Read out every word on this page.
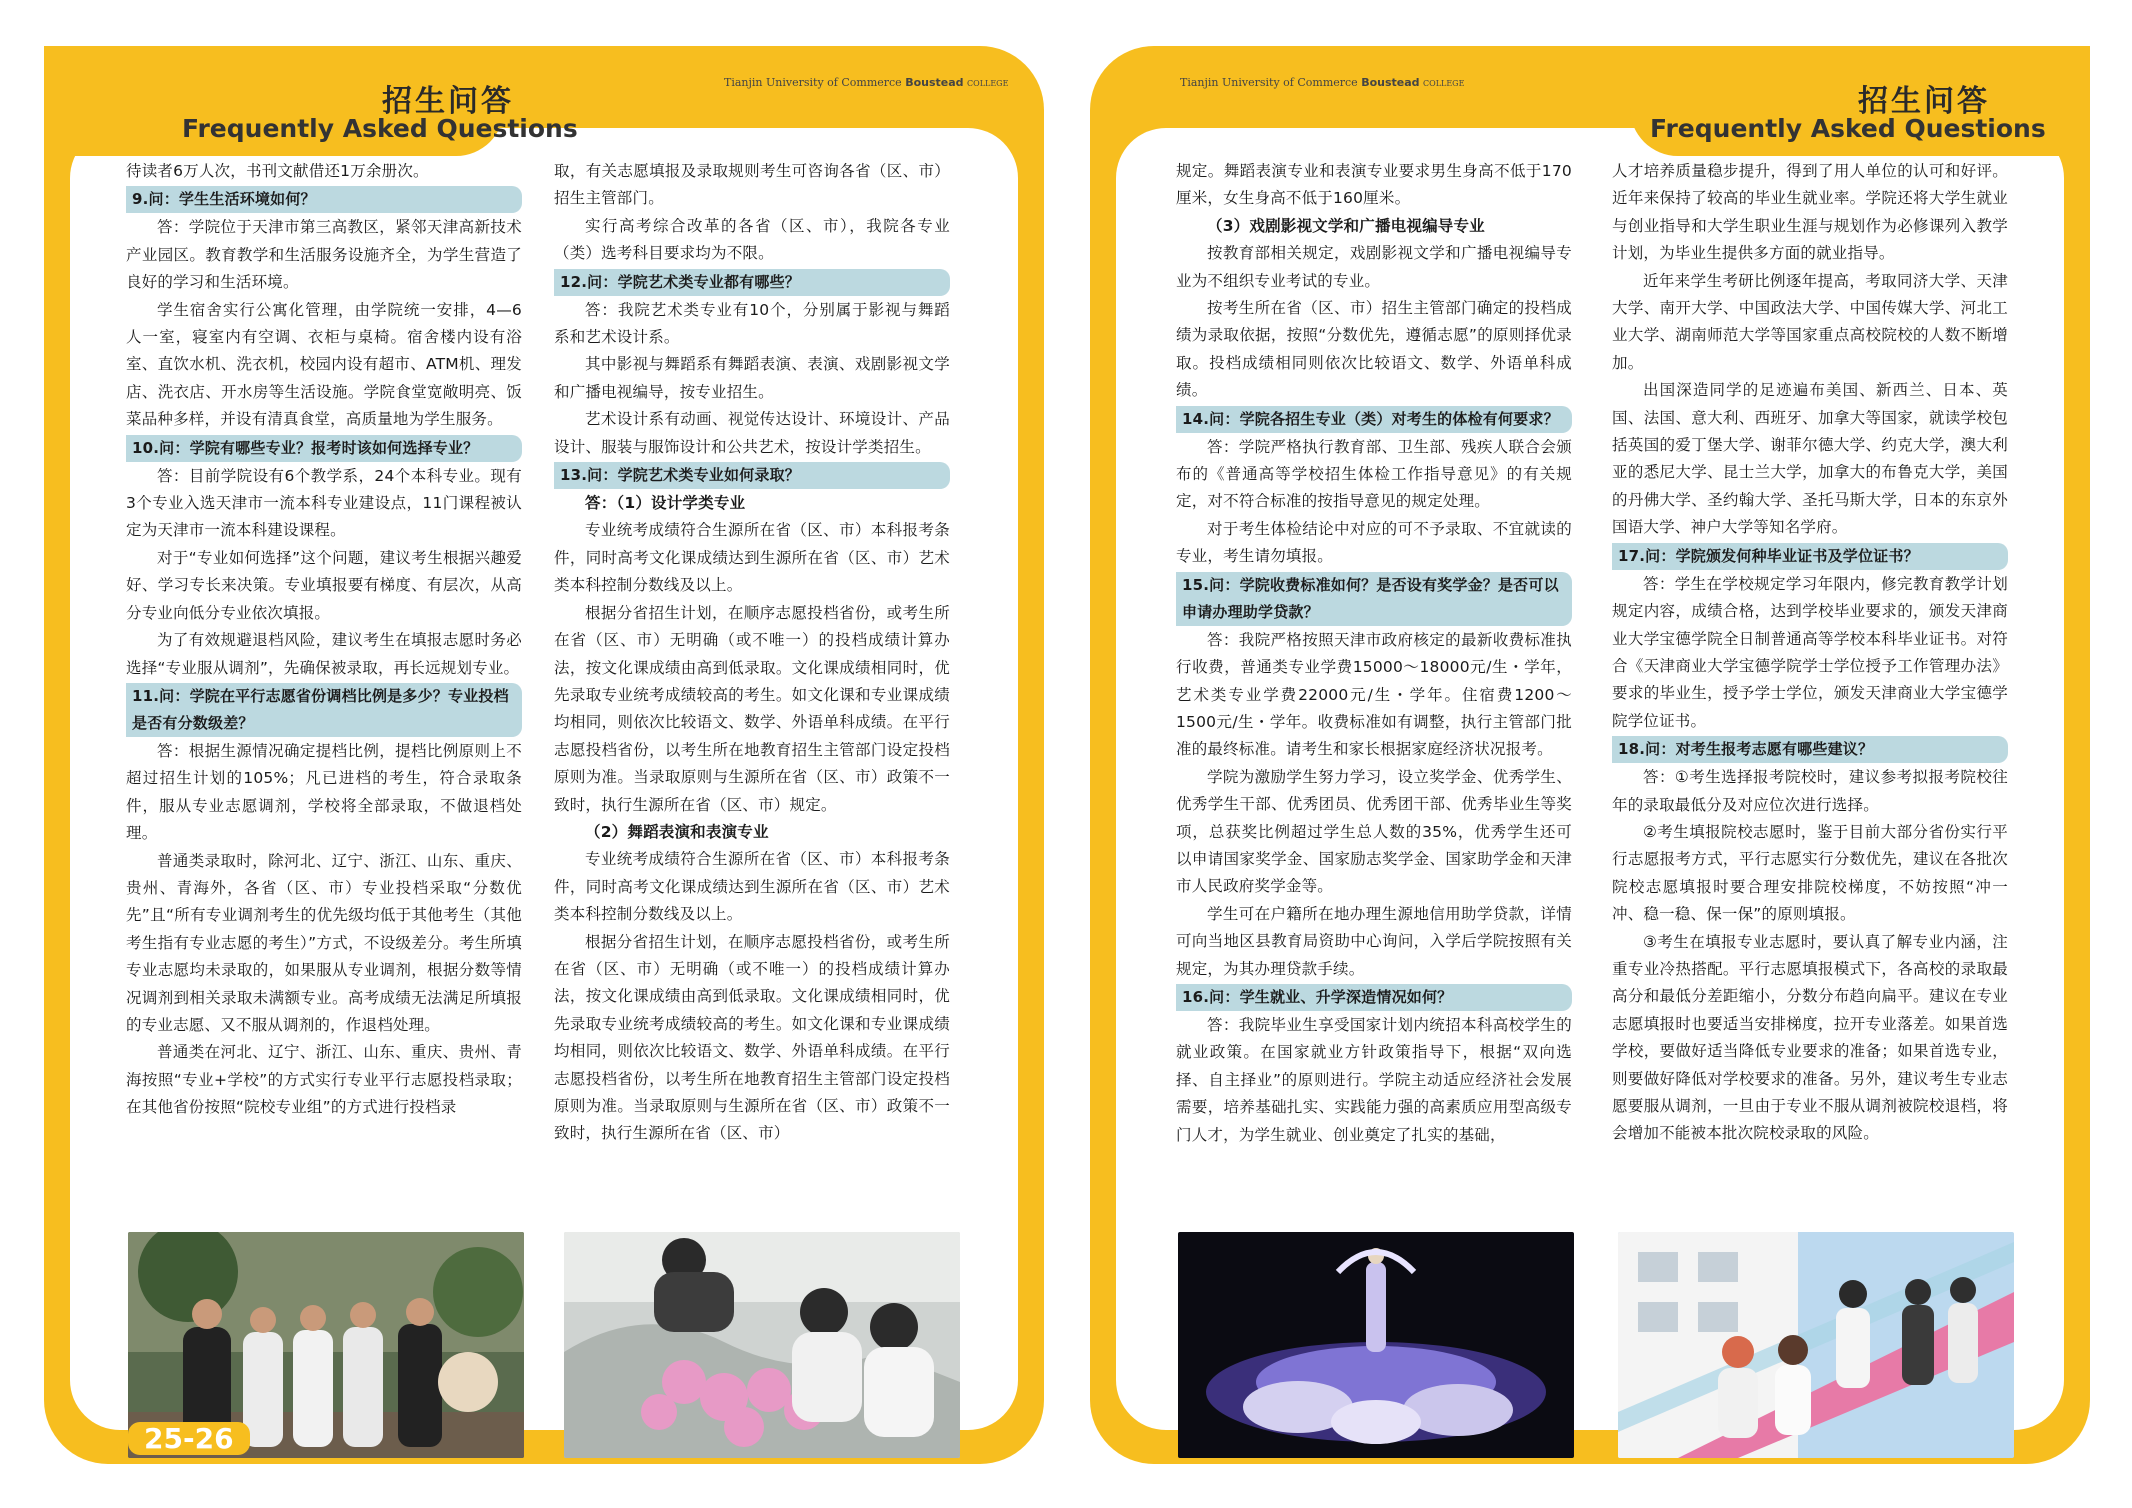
招生问答
Frequently Asked Questions
Tianjin University of Commerce Boustead COLLEGE

待读者6万人次，书刊文献借还1万余册次。

9.问：学生生活环境如何？

答：学院位于天津市第三高教区，紧邻天津高新技术产业园区。教育教学和生活服务设施齐全，为学生营造了良好的学习和生活环境。

学生宿舍实行公寓化管理，由学院统一安排，4—6人一室，寝室内有空调、衣柜与桌椅。宿舍楼内设有浴室、直饮水机、洗衣机，校园内设有超市、ATM机、理发店、洗衣店、开水房等生活设施。学院食堂宽敞明亮、饭菜品种多样，并设有清真食堂，高质量地为学生服务。

10.问：学院有哪些专业？报考时该如何选择专业？

答：目前学院设有6个教学系，24个本科专业。现有3个专业入选天津市一流本科专业建设点，11门课程被认定为天津市一流本科建设课程。

对于“专业如何选择”这个问题，建议考生根据兴趣爱好、学习专长来决策。专业填报要有梯度、有层次，从高分专业向低分专业依次填报。

为了有效规避退档风险，建议考生在填报志愿时务必选择“专业服从调剂”，先确保被录取，再长远规划专业。

11.问：学院在平行志愿省份调档比例是多少？专业投档是否有分数级差？

答：根据生源情况确定提档比例，提档比例原则上不超过招生计划的105%；凡已进档的考生，符合录取条件，服从专业志愿调剂，学校将全部录取，不做退档处理。

普通类录取时，除河北、辽宁、浙江、山东、重庆、贵州、青海外，各省（区、市）专业投档采取“分数优先”且“所有专业调剂考生的优先级均低于其他考生（其他考生指有专业志愿的考生）”方式，不设级差分。考生所填专业志愿均未录取的，如果服从专业调剂，根据分数等情况调剂到相关录取未满额专业。高考成绩无法满足所填报的专业志愿、又不服从调剂的，作退档处理。

普通类在河北、辽宁、浙江、山东、重庆、贵州、青海按照“专业+学校”的方式实行专业平行志愿投档录取；在其他省份按照“院校专业组”的方式进行投档录

取，有关志愿填报及录取规则考生可咨询各省（区、市）招生主管部门。

实行高考综合改革的各省（区、市），我院各专业（类）选考科目要求均为不限。

12.问：学院艺术类专业都有哪些？

答：我院艺术类专业有10个，分别属于影视与舞蹈系和艺术设计系。

其中影视与舞蹈系有舞蹈表演、表演、戏剧影视文学和广播电视编导，按专业招生。

艺术设计系有动画、视觉传达设计、环境设计、产品设计、服装与服饰设计和公共艺术，按设计学类招生。

13.问：学院艺术类专业如何录取？

答：（1）设计学类专业

专业统考成绩符合生源所在省（区、市）本科报考条件，同时高考文化课成绩达到生源所在省（区、市）艺术类本科控制分数线及以上。

根据分省招生计划，在顺序志愿投档省份，或考生所在省（区、市）无明确（或不唯一）的投档成绩计算办法，按文化课成绩由高到低录取。文化课成绩相同时，优先录取专业统考成绩较高的考生。如文化课和专业课成绩均相同，则依次比较语文、数学、外语单科成绩。在平行志愿投档省份，以考生所在地教育招生主管部门设定投档原则为准。当录取原则与生源所在省（区、市）政策不一致时，执行生源所在省（区、市）规定。

（2）舞蹈表演和表演专业

专业统考成绩符合生源所在省（区、市）本科报考条件，同时高考文化课成绩达到生源所在省（区、市）艺术类本科控制分数线及以上。

根据分省招生计划，在顺序志愿投档省份，或考生所在省（区、市）无明确（或不唯一）的投档成绩计算办法，按文化课成绩由高到低录取。文化课成绩相同时，优先录取专业统考成绩较高的考生。如文化课和专业课成绩均相同，则依次比较语文、数学、外语单科成绩。在平行志愿投档省份，以考生所在地教育招生主管部门设定投档原则为准。当录取原则与生源所在省（区、市）政策不一致时，执行生源所在省（区、市）

25-26
招生问答
Frequently Asked Questions
Tianjin University of Commerce Boustead COLLEGE

规定。舞蹈表演专业和表演专业要求男生身高不低于170厘米，女生身高不低于160厘米。

（3）戏剧影视文学和广播电视编导专业

按教育部相关规定，戏剧影视文学和广播电视编导专业为不组织专业考试的专业。

按考生所在省（区、市）招生主管部门确定的投档成绩为录取依据，按照“分数优先，遵循志愿”的原则择优录取。投档成绩相同则依次比较语文、数学、外语单科成绩。

14.问：学院各招生专业（类）对考生的体检有何要求？

答：学院严格执行教育部、卫生部、残疾人联合会颁布的《普通高等学校招生体检工作指导意见》的有关规定，对不符合标准的按指导意见的规定处理。

对于考生体检结论中对应的可不予录取、不宜就读的专业，考生请勿填报。

15.问：学院收费标准如何？是否设有奖学金？是否可以申请办理助学贷款？

答：我院严格按照天津市政府核定的最新收费标准执行收费，普通类专业学费15000～18000元/生・学年，艺术类专业学费22000元/生・学年。住宿费1200～1500元/生・学年。收费标准如有调整，执行主管部门批准的最终标准。请考生和家长根据家庭经济状况报考。

学院为激励学生努力学习，设立奖学金、优秀学生、优秀学生干部、优秀团员、优秀团干部、优秀毕业生等奖项，总获奖比例超过学生总人数的35%，优秀学生还可以申请国家奖学金、国家励志奖学金、国家助学金和天津市人民政府奖学金等。

学生可在户籍所在地办理生源地信用助学贷款，详情可向当地区县教育局资助中心询问，入学后学院按照有关规定，为其办理贷款手续。

16.问：学生就业、升学深造情况如何？

答：我院毕业生享受国家计划内统招本科高校学生的就业政策。在国家就业方针政策指导下，根据“双向选择、自主择业”的原则进行。学院主动适应经济社会发展需要，培养基础扎实、实践能力强的高素质应用型高级专门人才，为学生就业、创业奠定了扎实的基础，

人才培养质量稳步提升，得到了用人单位的认可和好评。近年来保持了较高的毕业生就业率。学院还将大学生就业与创业指导和大学生职业生涯与规划作为必修课列入教学计划，为毕业生提供多方面的就业指导。

近年来学生考研比例逐年提高，考取同济大学、天津大学、南开大学、中国政法大学、中国传媒大学、河北工业大学、湖南师范大学等国家重点高校院校的人数不断增加。

出国深造同学的足迹遍布美国、新西兰、日本、英国、法国、意大利、西班牙、加拿大等国家，就读学校包括英国的爱丁堡大学、谢菲尔德大学、约克大学，澳大利亚的悉尼大学、昆士兰大学，加拿大的布鲁克大学，美国的丹佛大学、圣约翰大学、圣托马斯大学，日本的东京外国语大学、神户大学等知名学府。

17.问：学院颁发何种毕业证书及学位证书？

答：学生在学校规定学习年限内，修完教育教学计划规定内容，成绩合格，达到学校毕业要求的，颁发天津商业大学宝德学院全日制普通高等学校本科毕业证书。对符合《天津商业大学宝德学院学士学位授予工作管理办法》要求的毕业生，授予学士学位，颁发天津商业大学宝德学院学位证书。

18.问：对考生报考志愿有哪些建议？

答：①考生选择报考院校时，建议参考拟报考院校往年的录取最低分及对应位次进行选择。

②考生填报院校志愿时，鉴于目前大部分省份实行平行志愿报考方式，平行志愿实行分数优先，建议在各批次院校志愿填报时要合理安排院校梯度，不妨按照“冲一冲、稳一稳、保一保”的原则填报。

③考生在填报专业志愿时，要认真了解专业内涵，注重专业冷热搭配。平行志愿填报模式下，各高校的录取最高分和最低分差距缩小，分数分布趋向扁平。建议在专业志愿填报时也要适当安排梯度，拉开专业落差。如果首选学校，要做好适当降低专业要求的准备；如果首选专业，则要做好降低对学校要求的准备。另外，建议考生专业志愿要服从调剂，一旦由于专业不服从调剂被院校退档，将会增加不能被本批次院校录取的风险。
